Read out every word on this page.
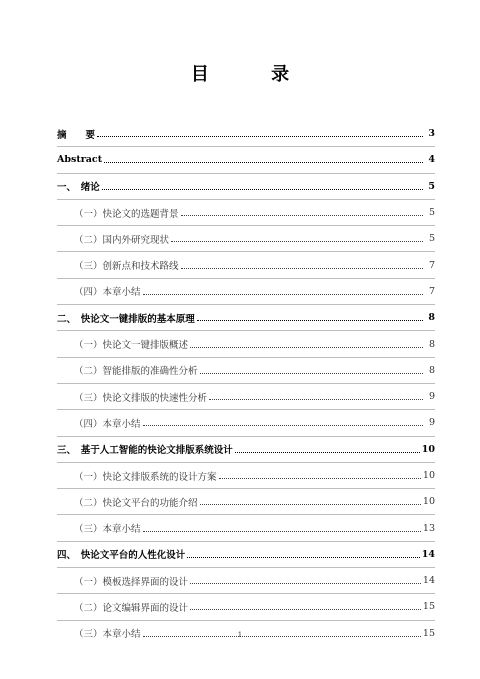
目 录
摘　　要	3
Abstract	4
一、　绪论	5
（一）快论文的选题背景	5
（二）国内外研究现状	5
（三）创新点和技术路线	7
（四）本章小结	7
二、　快论文一键排版的基本原理	8
（一）快论文一键排版概述	8
（二）智能排版的准确性分析	8
（三）快论文排版的快速性分析	9
（四）本章小结	9
三、　基于人工智能的快论文排版系统设计	10
（一）快论文排版系统的设计方案	10
（二）快论文平台的功能介绍	10
（三）本章小结	13
四、　快论文平台的人性化设计	14
（一）模板选择界面的设计	14
（二）论文编辑界面的设计	15
（三）本章小结	15
1
